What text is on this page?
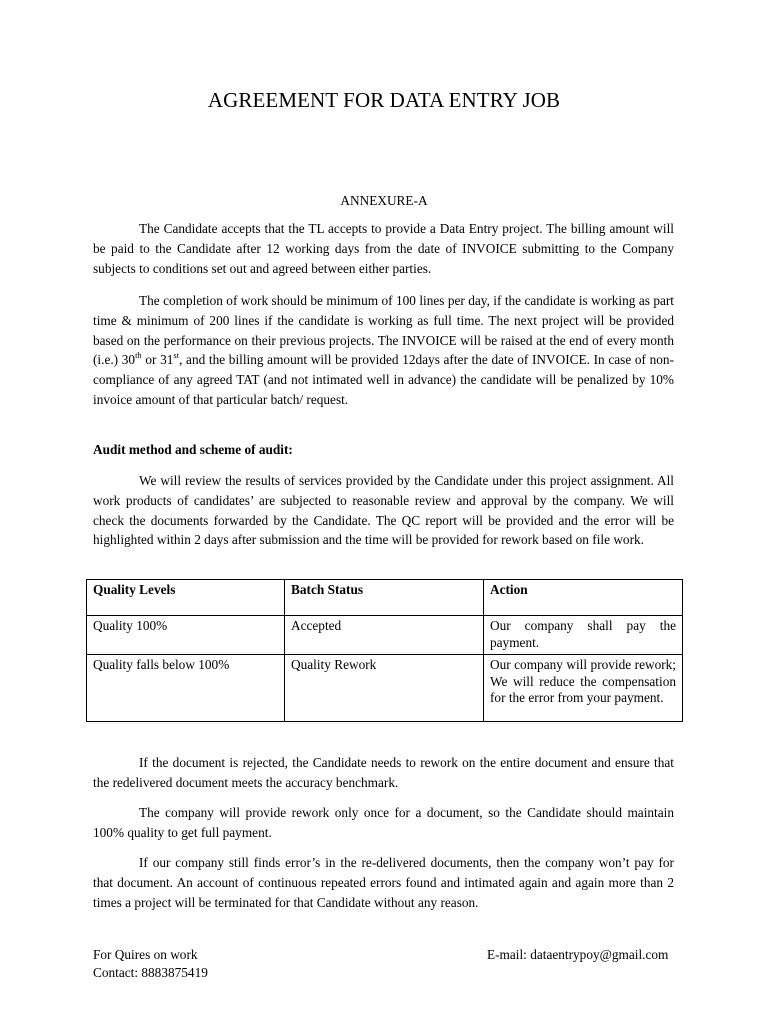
AGREEMENT FOR DATA ENTRY JOB
ANNEXURE-A

The Candidate accepts that the TL accepts to provide a Data Entry project. The billing amount will be paid to the Candidate after 12 working days from the date of INVOICE submitting to the Company subjects to conditions set out and agreed between either parties.

The completion of work should be minimum of 100 lines per day, if the candidate is working as part time & minimum of 200 lines if the candidate is working as full time. The next project will be provided based on the performance on their previous projects. The INVOICE will be raised at the end of every month (i.e.) 30th or 31st, and the billing amount will be provided 12days after the date of INVOICE. In case of non-compliance of any agreed TAT (and not intimated well in advance) the candidate will be penalized by 10% invoice amount of that particular batch/ request.

Audit method and scheme of audit:

We will review the results of services provided by the Candidate under this project assignment. All work products of candidates’ are subjected to reasonable review and approval by the company. We will check the documents forwarded by the Candidate. The QC report will be provided and the error will be highlighted within 2 days after submission and the time will be provided for rework based on file work.

Quality Levels	Batch Status	Action
Quality 100%	Accepted	Our company shall pay the payment.
Quality falls below 100%	Quality Rework	Our company will provide rework; We will reduce the compensation for the error from your payment.

If the document is rejected, the Candidate needs to rework on the entire document and ensure that the redelivered document meets the accuracy benchmark.

The company will provide rework only once for a document, so the Candidate should maintain 100% quality to get full payment.

If our company still finds error’s in the re-delivered documents, then the company won’t pay for that document. An account of continuous repeated errors found and intimated again and again more than 2 times a project will be terminated for that Candidate without any reason.

For Quires on work
Contact: 8883875419
E-mail: dataentrypoy@gmail.com
